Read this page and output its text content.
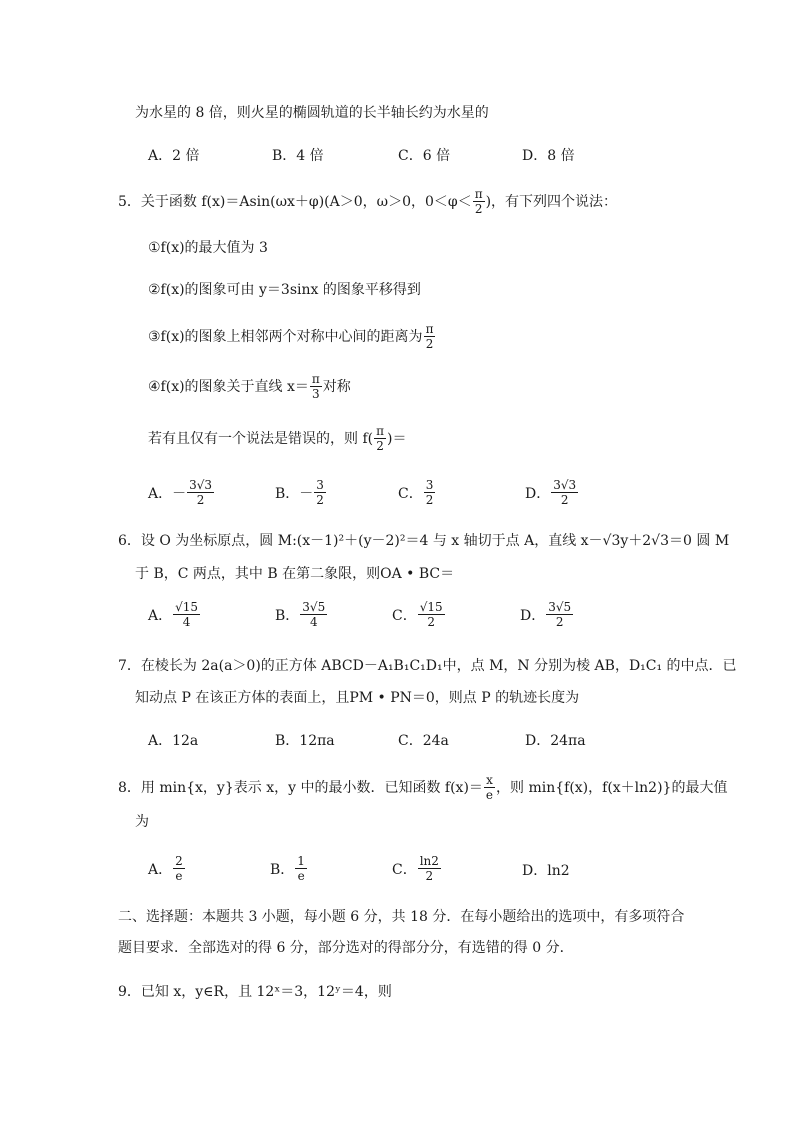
为水星的 8 倍，则火星的椭圆轨道的长半轴长约为水星的
A．2 倍	B．4 倍	C．6 倍	D．8 倍
5．关于函数 f(x)＝Asin(ωx＋φ)(A＞0，ω＞0，$0<\varphi< \frac{\pi}{2}$ )，有下列四个说法：
①f(x)的最大值为 3
②f(x)的图象可由 y＝3sinx 的图象平移得到
③f(x)的图象上相邻两个对称中心间的距离为 $\frac{\pi}{2}$
④f(x)的图象关于直线 $x= \frac{\pi}{3}$ 对称
若有且仅有一个说法是错误的，则 $f( \frac{\pi}{2}$ )＝
A． － $\frac{3√3}{2}$	B． － $\frac{3}{2}$	C． $\frac{3}{2}$	D． $\frac{3√3}{2}$
6．设 O 为坐标原点，圆 M:(x－1)²＋(y－2)²＝4 与 x 轴切于点 A，直线 x－√3y＋2√3＝0 圆 M
于 B，C 两点，其中 B 在第二象限，则OA • BC＝
A． $\frac{√15}{4}$	B． $\frac{3√5}{4}$	C． $\frac{√15}{2}$	D． $\frac{3√5}{2}$
7．在棱长为 2a(a＞0)的正方体 ABCD－A₁B₁C₁D₁中，点 M，N 分别为棱 AB，D₁C₁ 的中点．已
知动点 P 在该正方体的表面上，且PM • PN＝0，则点 P 的轨迹长度为
A．12a	B．12πa	C．24a	D．24πa
8．用 min{x，y}表示 x，y 中的最小数．已知函数 $f(x)= \frac{x}{e}$ ，则 min{f(x)，f(x＋ln2)}的最大值
为
A． $\frac{2}{e}$	B． $\frac{1}{e}$	C． $\frac{\ln 2}{2}$	D．ln2
二、选择题：本题共 3 小题，每小题 6 分，共 18 分．在每小题给出的选项中，有多项符合
题目要求．全部选对的得 6 分，部分选对的得部分分，有选错的得 0 分．
9．已知 x，y∈R，且 12ˣ＝3，12ʸ＝4，则
